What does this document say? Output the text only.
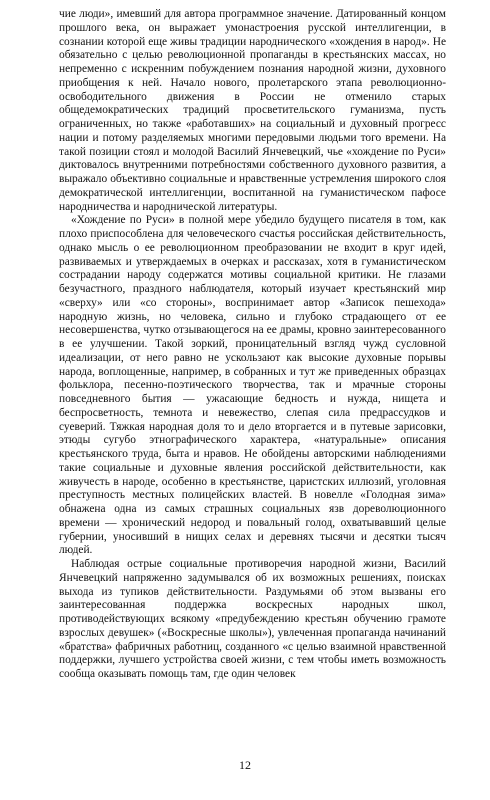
чие люди», имевший для автора программное значение. Датированный концом прошлого века, он выражает умонастроения русской интеллигенции, в сознании которой еще живы традиции народнического «хождения в народ». Не обязательно с целью революционной пропаганды в крестьянских массах, но непременно с искренним побуждением познания народной жизни, духовного приобщения к ней. Начало нового, пролетарского этапа революционно-освободительного движения в России не отменило старых общедемократических традиций просветительского гуманизма, пусть ограниченных, но также «работавших» на социальный и духовный прогресс нации и потому разделяемых многими передовыми людьми того времени. На такой позиции стоял и молодой Василий Янчевецкий, чье «хождение по Руси» диктовалось внутренними потребностями собственного духовного развития, а выражало объективно социальные и нравственные устремления широкого слоя демократической интеллигенции, воспитанной на гуманистическом пафосе народничества и народнической литературы.

«Хождение по Руси» в полной мере убедило будущего писателя в том, как плохо приспособлена для человеческого счастья российская действительность, однако мысль о ее революционном преобразовании не входит в круг идей, развиваемых и утверждаемых в очерках и рассказах, хотя в гуманистическом сострадании народу содержатся мотивы социальной критики. Не глазами безучастного, праздного наблюдателя, который изучает крестьянский мир «сверху» или «со стороны», воспринимает автор «Записок пешехода» народную жизнь, но человека, сильно и глубоко страдающего от ее несовершенства, чутко отзывающегося на ее драмы, кровно заинтересованного в ее улучшении. Такой зоркий, проницательный взгляд чужд сусловной идеализации, от него равно не ускользают как высокие духовные порывы народа, воплощенные, например, в собранных и тут же приведенных образцах фольклора, песенно-поэтического творчества, так и мрачные стороны повседневного бытия — ужасающие бедность и нужда, нищета и беспросветность, темнота и невежество, слепая сила предрассудков и суеверий. Тяжкая народная доля то и дело вторгается и в путевые зарисовки, этюды сугубо этнографического характера, «натуральные» описания крестьянского труда, быта и нравов. Не обойдены авторскими наблюдениями такие социальные и духовные явления российской действительности, как живучесть в народе, особенно в крестьянстве, царистских иллюзий, уголовная преступность местных полицейских властей. В новелле «Голодная зима» обнажена одна из самых страшных социальных язв дореволюционного времени — хронический недород и повальный голод, охватывавший целые губернии, уносивший в нищих селах и деревнях тысячи и десятки тысяч людей.

Наблюдая острые социальные противоречия народной жизни, Василий Янчевецкий напряженно задумывался об их возможных решениях, поисках выхода из тупиков действительности. Раздумьями об этом вызваны его заинтересованная поддержка воскресных народных школ, противодействующих всякому «предубеждению крестьян обучению грамоте взрослых девушек» («Воскресные школы»), увлеченная пропаганда начинаний «братства» фабричных работниц, созданного «с целью взаимной нравственной поддержки, лучшего устройства своей жизни, с тем чтобы иметь возможность сообща оказывать помощь там, где один человек

12
